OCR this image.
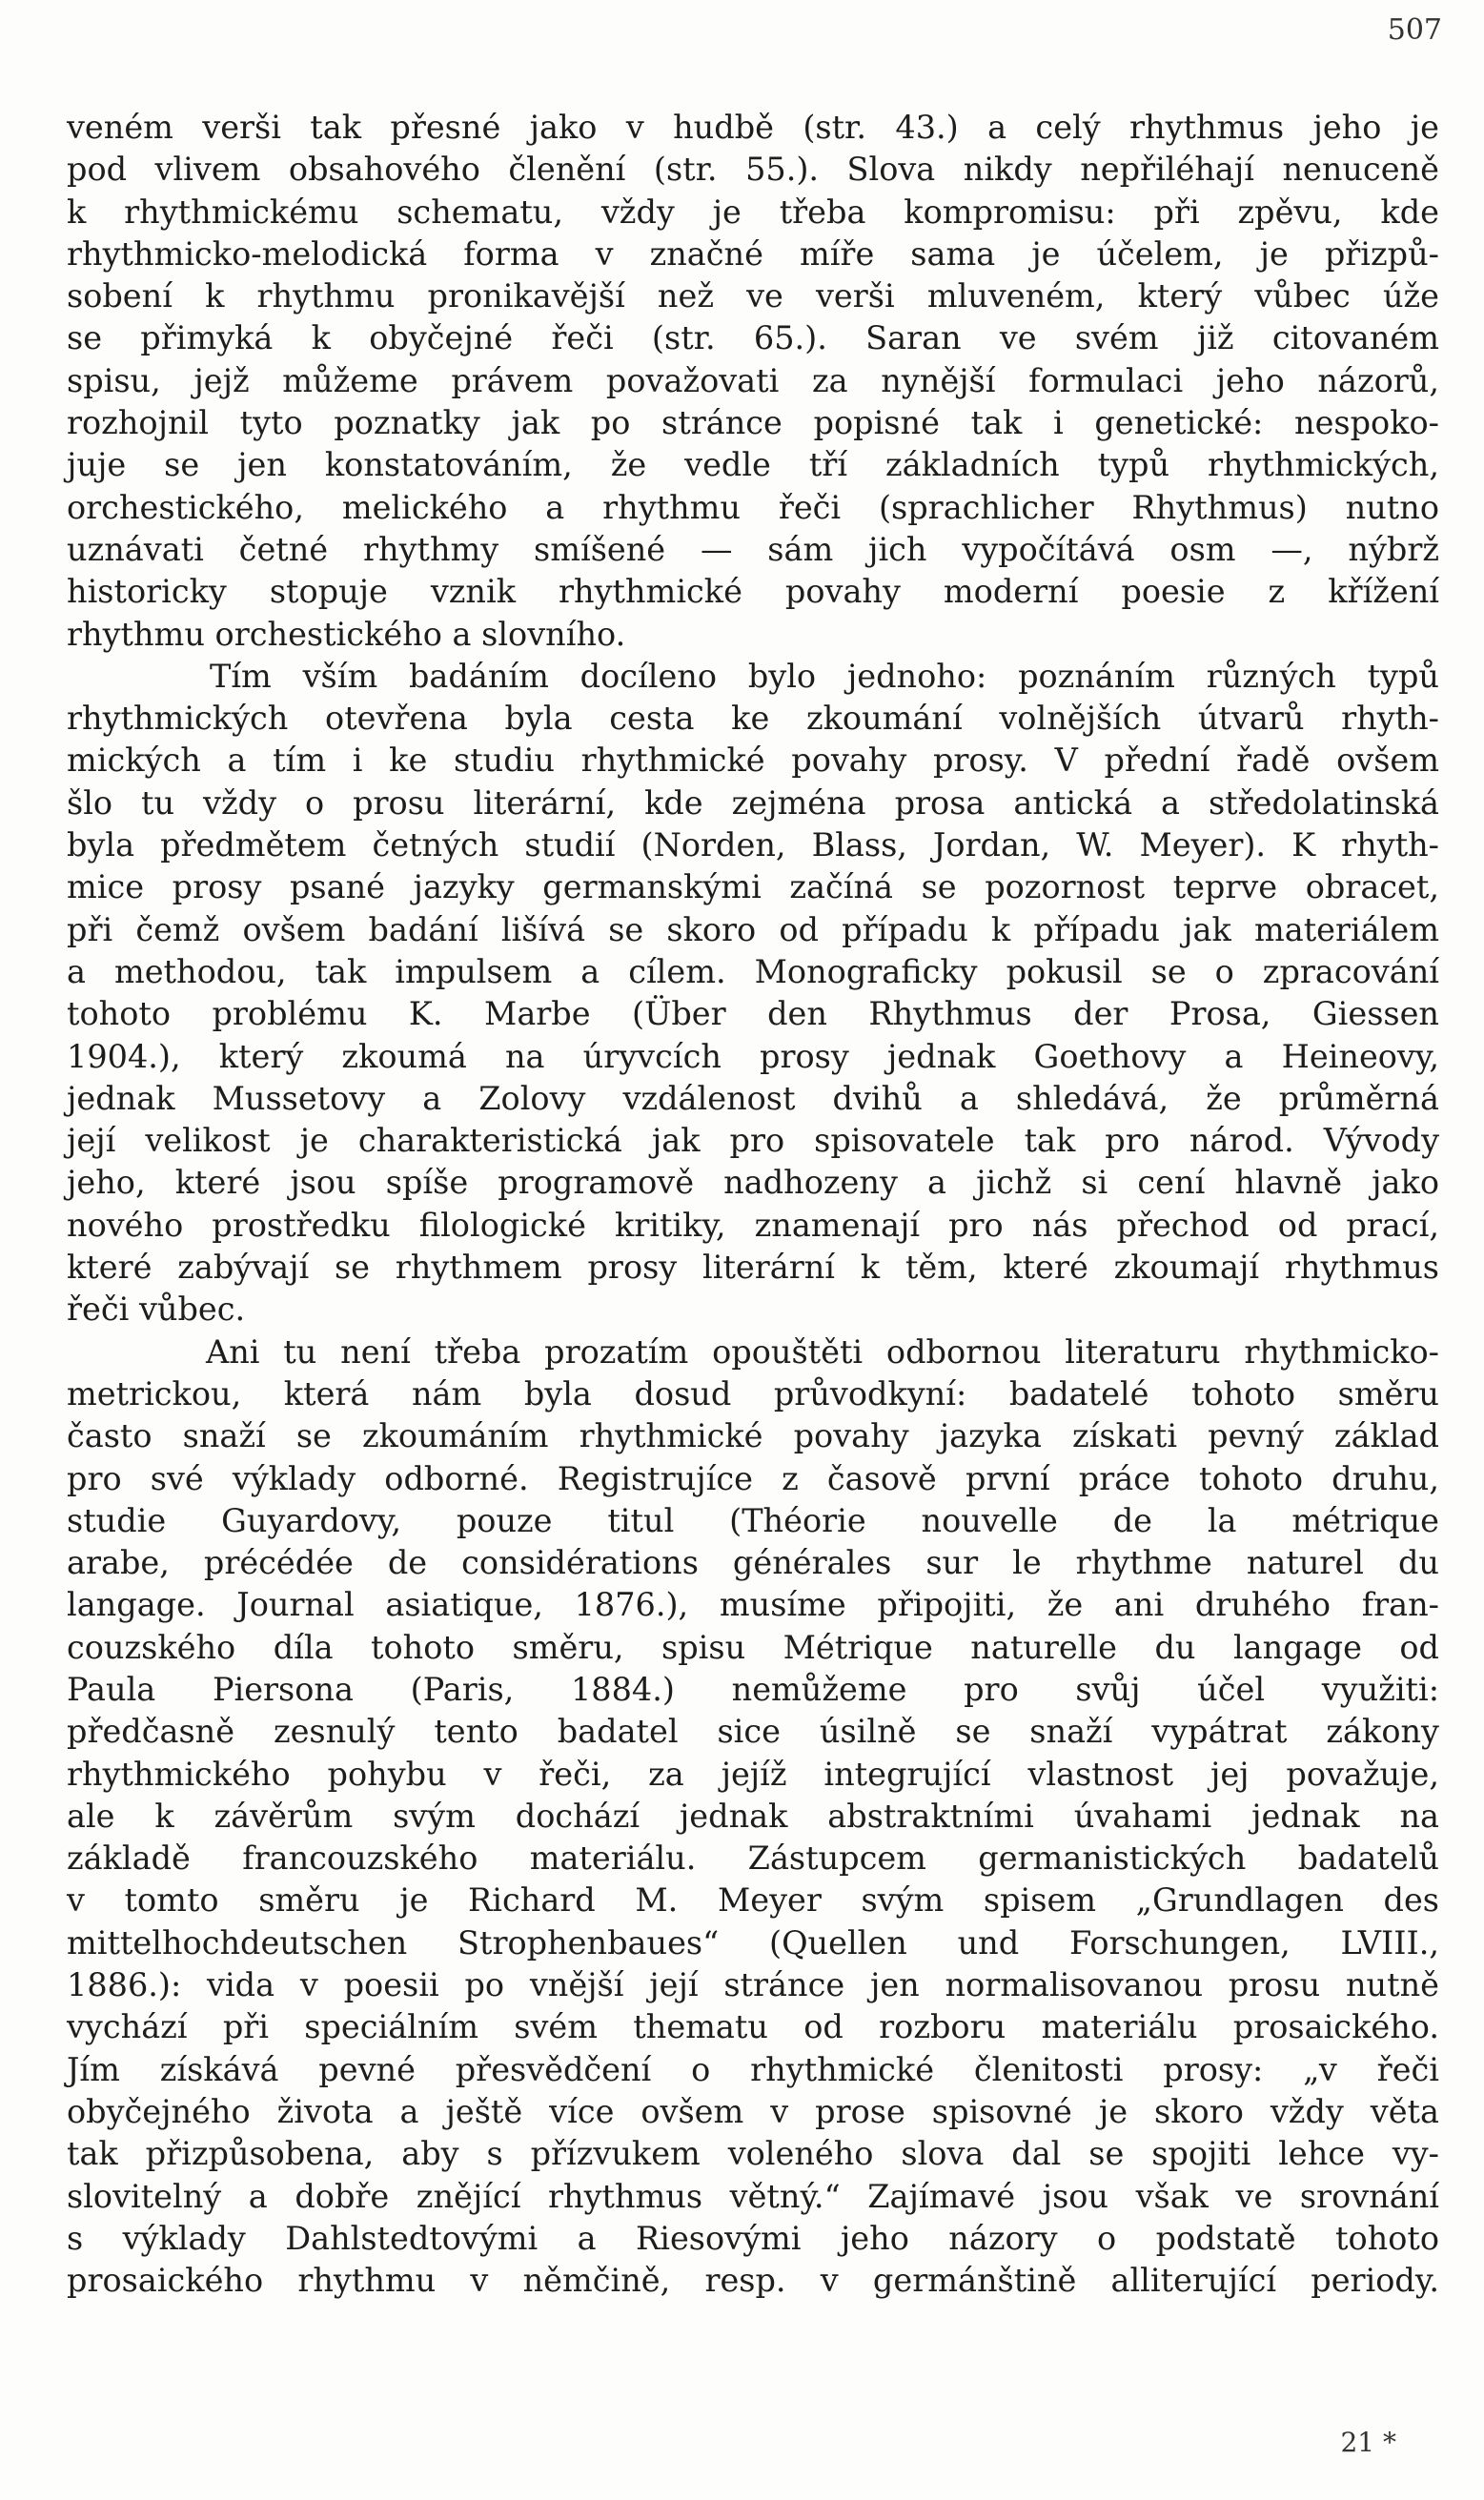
507
veném verši tak přesné jako v hudbě (str. 43.) a celý rhythmus jeho je
pod vlivem obsahového členění (str. 55.). Slova nikdy nepřiléhají nenuceně
k rhythmickému schematu, vždy je třeba kompromisu: při zpěvu, kde
rhythmicko-melodická forma v značné míře sama je účelem, je přizpů-
sobení k rhythmu pronikavější než ve verši mluveném, který vůbec úže
se přimyká k obyčejné řeči (str. 65.). Saran ve svém již citovaném
spisu, jejž můžeme právem považovati za nynější formulaci jeho názorů,
rozhojnil tyto poznatky jak po stránce popisné tak i genetické: nespoko-
juje se jen konstatováním, že vedle tří základních typů rhythmických,
orchestického, melického a rhythmu řeči (sprachlicher Rhythmus) nutno
uznávati četné rhythmy smíšené — sám jich vypočítává osm —, nýbrž
historicky stopuje vznik rhythmické povahy moderní poesie z křížení
rhythmu orchestického a slovního.
Tím vším badáním docíleno bylo jednoho: poznáním různých typů
rhythmických otevřena byla cesta ke zkoumání volnějších útvarů rhyth-
mických a tím i ke studiu rhythmické povahy prosy. V přední řadě ovšem
šlo tu vždy o prosu literární, kde zejména prosa antická a středolatinská
byla předmětem četných studií (Norden, Blass, Jordan, W. Meyer). K rhyth-
mice prosy psané jazyky germanskými začíná se pozornost teprve obracet,
při čemž ovšem badání lišívá se skoro od případu k případu jak materiálem
a methodou, tak impulsem a cílem. Monograficky pokusil se o zpracování
tohoto problému K. Marbe (Über den Rhythmus der Prosa, Giessen
1904.), který zkoumá na úryvcích prosy jednak Goethovy a Heineovy,
jednak Mussetovy a Zolovy vzdálenost dvihů a shledává, že průměrná
její velikost je charakteristická jak pro spisovatele tak pro národ. Vývody
jeho, které jsou spíše programově nadhozeny a jichž si cení hlavně jako
nového prostředku filologické kritiky, znamenají pro nás přechod od prací,
které zabývají se rhythmem prosy literární k těm, které zkoumají rhythmus
řeči vůbec.
Ani tu není třeba prozatím opouštěti odbornou literaturu rhythmicko-
metrickou, která nám byla dosud průvodkyní: badatelé tohoto směru
často snaží se zkoumáním rhythmické povahy jazyka získati pevný základ
pro své výklady odborné. Registrujíce z časově první práce tohoto druhu,
studie Guyardovy, pouze titul (Théorie nouvelle de la métrique
arabe, précédée de considérations générales sur le rhythme naturel du
langage. Journal asiatique, 1876.), musíme připojiti, že ani druhého fran-
couzského díla tohoto směru, spisu Métrique naturelle du langage od
Paula Piersona (Paris, 1884.) nemůžeme pro svůj účel využiti:
předčasně zesnulý tento badatel sice úsilně se snaží vypátrat zákony
rhythmického pohybu v řeči, za jejíž integrující vlastnost jej považuje,
ale k závěrům svým dochází jednak abstraktními úvahami jednak na
základě francouzského materiálu. Zástupcem germanistických badatelů
v tomto směru je Richard M. Meyer svým spisem „Grundlagen des
mittelhochdeutschen Strophenbaues“ (Quellen und Forschungen, LVIII.,
1886.): vida v poesii po vnější její stránce jen normalisovanou prosu nutně
vychází při speciálním svém thematu od rozboru materiálu prosaického.
Jím získává pevné přesvědčení o rhythmické členitosti prosy: „v řeči
obyčejného života a ještě více ovšem v prose spisovné je skoro vždy věta
tak přizpůsobena, aby s přízvukem voleného slova dal se spojiti lehce vy-
slovitelný a dobře znějící rhythmus větný.“ Zajímavé jsou však ve srovnání
s výklady Dahlstedtovými a Riesovými jeho názory o podstatě tohoto
prosaického rhythmu v němčině, resp. v germánštině alliterující periody.
21 *
